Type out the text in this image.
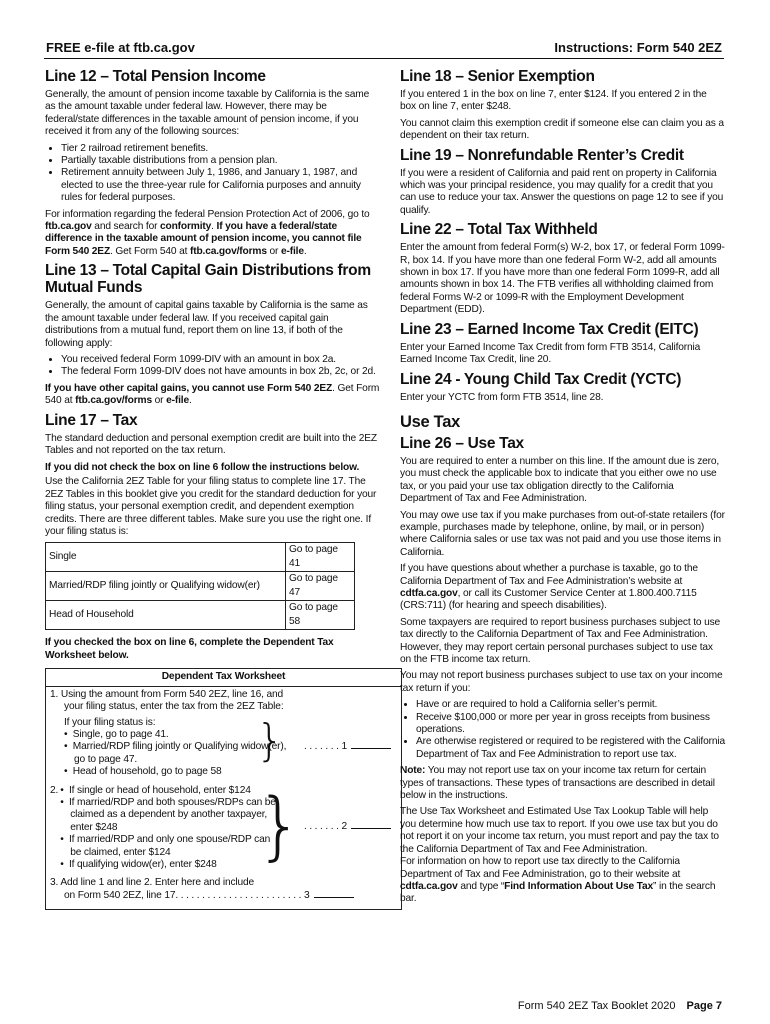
FREE e-file at ftb.ca.gov	Instructions: Form 540 2EZ
Line 12 – Total Pension Income

Generally, the amount of pension income taxable by California is the same as the amount taxable under federal law. However, there may be federal/state differences in the taxable amount of pension income, if you received it from any of the following sources:

• Tier 2 railroad retirement benefits.
• Partially taxable distributions from a pension plan.
• Retirement annuity between July 1, 1986, and January 1, 1987, and elected to use the three-year rule for California purposes and annuity rules for federal purposes.

For information regarding the federal Pension Protection Act of 2006, go to ftb.ca.gov and search for conformity. If you have a federal/state difference in the taxable amount of pension income, you cannot file Form 540 2EZ. Get Form 540 at ftb.ca.gov/forms or e-file.

Line 13 – Total Capital Gain Distributions from Mutual Funds

Generally, the amount of capital gains taxable by California is the same as the amount taxable under federal law. If you received capital gain distributions from a mutual fund, report them on line 13, if both of the following apply:

• You received federal Form 1099-DIV with an amount in box 2a.
• The federal Form 1099-DIV does not have amounts in box 2b, 2c, or 2d.

If you have other capital gains, you cannot use Form 540 2EZ. Get Form 540 at ftb.ca.gov/forms or e-file.

Line 17 – Tax

The standard deduction and personal exemption credit are built into the 2EZ Tables and not reported on the tax return.

If you did not check the box on line 6 follow the instructions below.

Use the California 2EZ Table for your filing status to complete line 17. The 2EZ Tables in this booklet give you credit for the standard deduction for your filing status, your personal exemption credit, and dependent exemption credits. There are three different tables. Make sure you use the right one. If your filing status is:

Single	Go to page 41
Married/RDP filing jointly or Qualifying widow(er)	Go to page 47
Head of Household	Go to page 58
If you checked the box on line 6, complete the Dependent Tax Worksheet below.
Dependent Tax Worksheet
1. Using the amount from Form 540 2EZ, line 16, and
your filing status, enter the tax from the 2EZ Table:
If your filing status is:
•  Single, go to page 41.
•  Married/RDP filing jointly or Qualifying widow(er), go to page 47.
•  Head of household, go to page 58
} . . . . . . . 1
2. •  If single or head of household, enter $124
•  If married/RDP and both spouses/RDPs can be claimed as a dependent by another taxpayer, enter $248
•  If married/RDP and only one spouse/RDP can be claimed, enter $124
•  If qualifying widow(er), enter $248 } . . . . . . . 2
3. Add line 1 and line 2. Enter here and include
on Form 540 2EZ, line 17. . . . . . . . . . . . . . . . . . . . . . . . 3
Line 18 – Senior Exemption

If you entered 1 in the box on line 7, enter $124. If you entered 2 in the box on line 7, enter $248.

You cannot claim this exemption credit if someone else can claim you as a dependent on their tax return.

Line 19 – Nonrefundable Renter’s Credit

If you were a resident of California and paid rent on property in California which was your principal residence, you may qualify for a credit that you can use to reduce your tax. Answer the questions on page 12 to see if you qualify.

Line 22 – Total Tax Withheld

Enter the amount from federal Form(s) W-2, box 17, or federal Form 1099-R, box 14. If you have more than one federal Form W-2, add all amounts shown in box 17. If you have more than one federal Form 1099-R, add all amounts shown in box 14. The FTB verifies all withholding claimed from federal Forms W-2 or 1099-R with the Employment Development Department (EDD).

Line 23 – Earned Income Tax Credit (EITC)

Enter your Earned Income Tax Credit from form FTB 3514, California Earned Income Tax Credit, line 20.

Line 24 - Young Child Tax Credit (YCTC)

Enter your YCTC from form FTB 3514, line 28.

Use Tax
Line 26 – Use Tax

You are required to enter a number on this line. If the amount due is zero, you must check the applicable box to indicate that you either owe no use tax, or you paid your use tax obligation directly to the California Department of Tax and Fee Administration.

You may owe use tax if you make purchases from out-of-state retailers (for example, purchases made by telephone, online, by mail, or in person) where California sales or use tax was not paid and you use those items in California.

If you have questions about whether a purchase is taxable, go to the California Department of Tax and Fee Administration’s website at cdtfa.ca.gov, or call its Customer Service Center at 1.800.400.7115 (CRS:711) (for hearing and speech disabilities).

Some taxpayers are required to report business purchases subject to use tax directly to the California Department of Tax and Fee Administration. However, they may report certain personal purchases subject to use tax on the FTB income tax return.

You may not report business purchases subject to use tax on your income tax return if you:

• Have or are required to hold a California seller’s permit.
• Receive $100,000 or more per year in gross receipts from business operations.
• Are otherwise registered or required to be registered with the California Department of Tax and Fee Administration to report use tax.

Note: You may not report use tax on your income tax return for certain types of transactions. These types of transactions are described in detail below in the instructions.

The Use Tax Worksheet and Estimated Use Tax Lookup Table will help you determine how much use tax to report. If you owe use tax but you do not report it on your income tax return, you must report and pay the tax to the California Department of Tax and Fee Administration.

For information on how to report use tax directly to the California Department of Tax and Fee Administration, go to their website at cdtfa.ca.gov and type “Find Information About Use Tax” in the search bar.

Form 540 2EZ Tax Booklet 2020 Page 7
